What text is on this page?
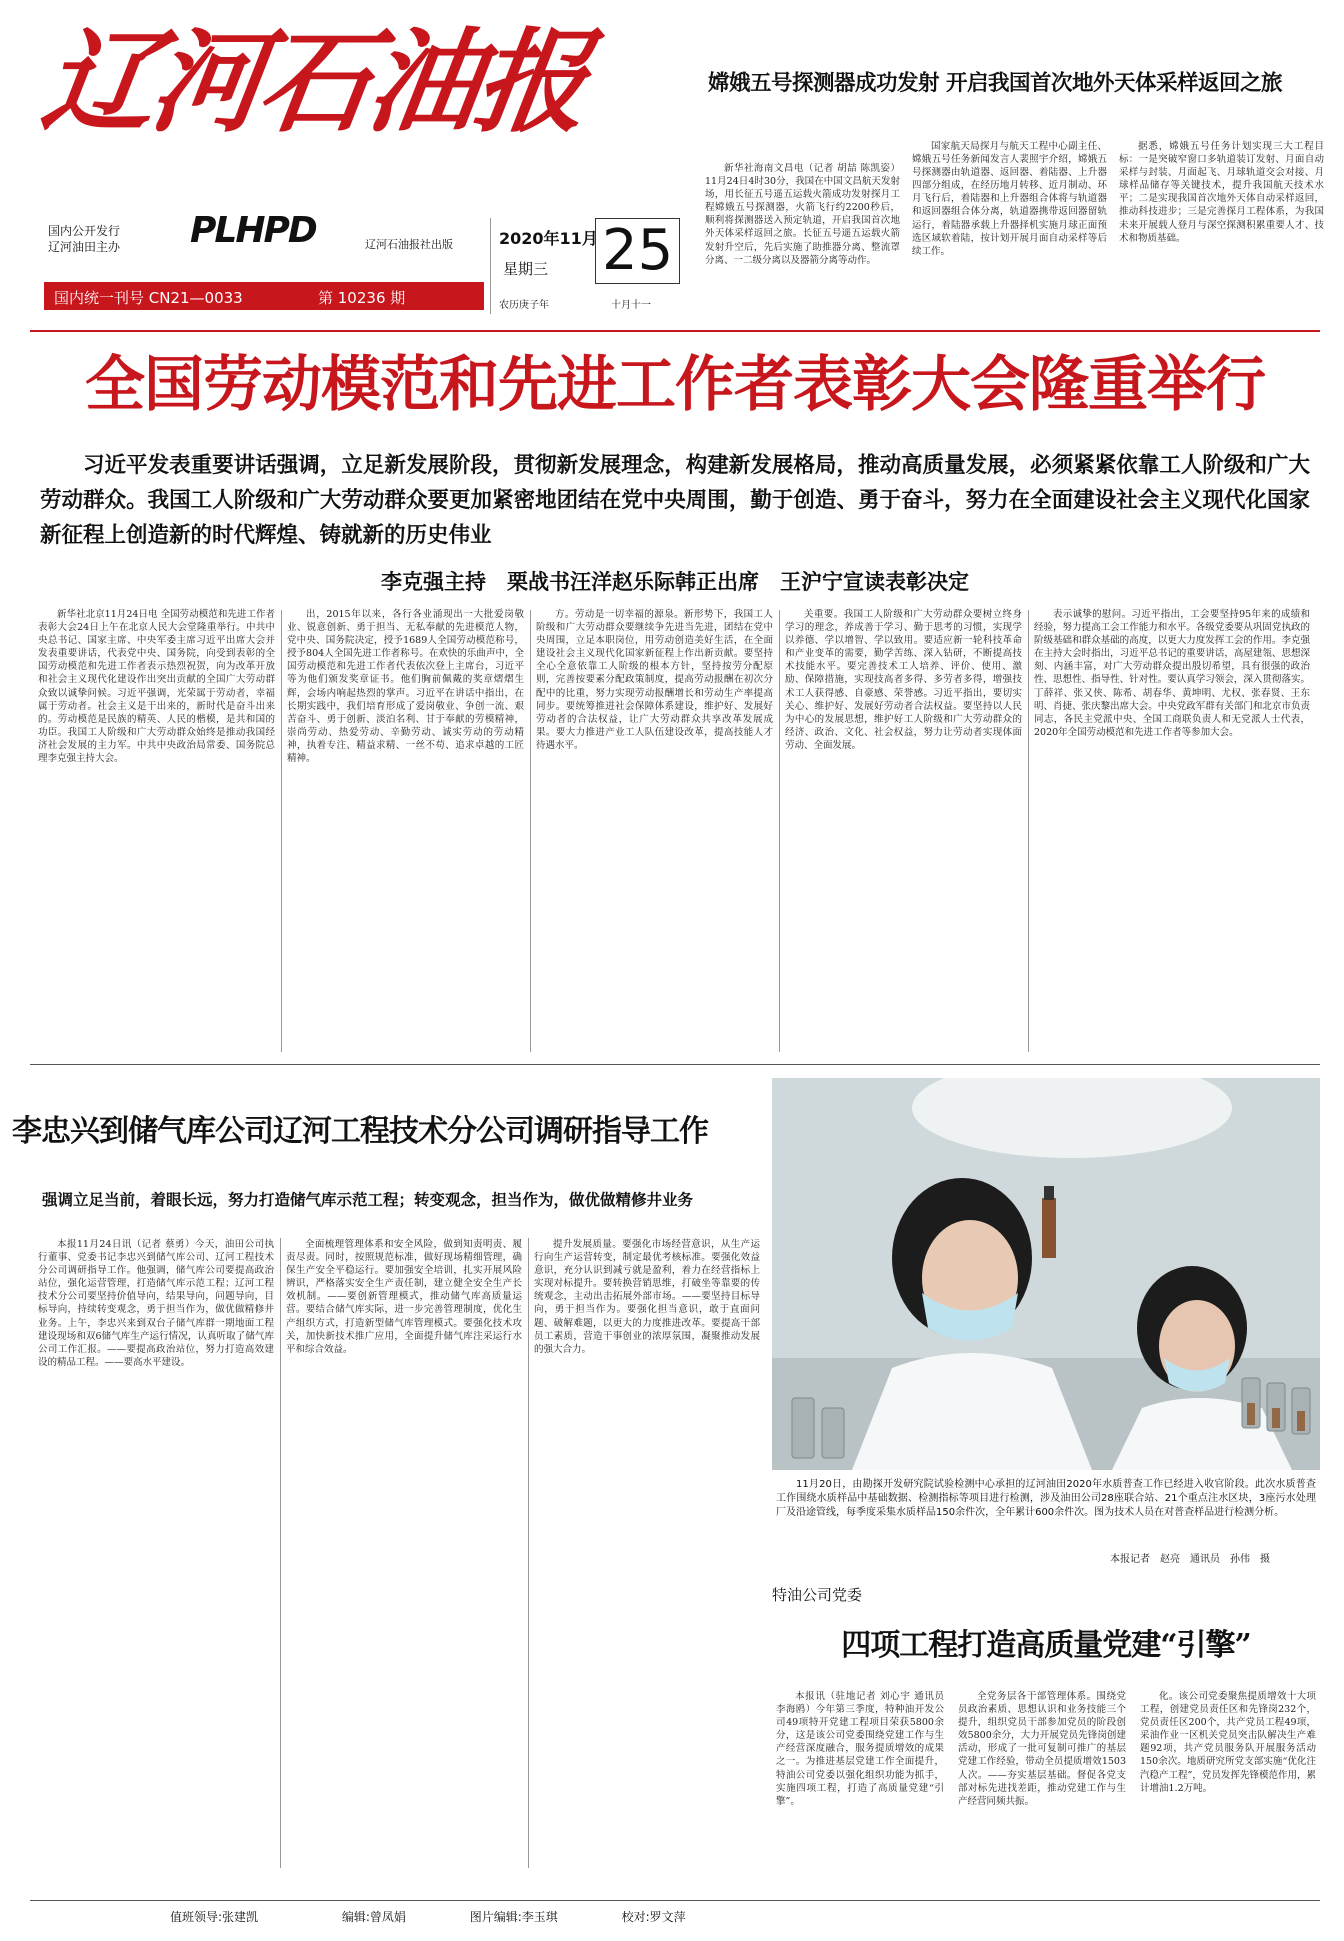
辽河石油报
国内公开发行
辽河油田主办 PLHPD	辽河石油报社出版
国内统一刊号 CN21—0033	第 10236 期
2020年11月
星期三 25
农历庚子年	十月十一
嫦娥五号探测器成功发射 开启我国首次地外天体采样返回之旅
新华社海南文昌电（记者 胡喆 陈凯姿）11月24日4时30分，我国在中国文昌航天发射场，用长征五号遥五运载火箭成功发射探月工程嫦娥五号探测器，火箭飞行约2200秒后，顺利将探测器送入预定轨道，开启我国首次地外天体采样返回之旅。长征五号遥五运载火箭发射升空后，先后实施了助推器分离、整流罩分离、一二级分离以及器箭分离等动作。
国家航天局探月与航天工程中心副主任、嫦娥五号任务新闻发言人裴照宇介绍，嫦娥五号探测器由轨道器、返回器、着陆器、上升器四部分组成，在经历地月转移、近月制动、环月飞行后，着陆器和上升器组合体将与轨道器和返回器组合体分离，轨道器携带返回器留轨运行，着陆器承载上升器择机实施月球正面预选区域软着陆，按计划开展月面自动采样等后续工作。
据悉，嫦娥五号任务计划实现三大工程目标：一是突破窄窗口多轨道装订发射、月面自动采样与封装、月面起飞、月球轨道交会对接、月球样品储存等关键技术，提升我国航天技术水平；二是实现我国首次地外天体自动采样返回，推动科技进步；三是完善探月工程体系，为我国未来开展载人登月与深空探测积累重要人才、技术和物质基础。
全国劳动模范和先进工作者表彰大会隆重举行
习近平发表重要讲话强调，立足新发展阶段，贯彻新发展理念，构建新发展格局，推动高质量发展，必须紧紧依靠工人阶级和广大劳动群众。我国工人阶级和广大劳动群众要更加紧密地团结在党中央周围，勤于创造、勇于奋斗，努力在全面建设社会主义现代化国家新征程上创造新的时代辉煌、铸就新的历史伟业
李克强主持　栗战书汪洋赵乐际韩正出席　王沪宁宣读表彰决定
新华社北京11月24日电 全国劳动模范和先进工作者表彰大会24日上午在北京人民大会堂隆重举行。中共中央总书记、国家主席、中央军委主席习近平出席大会并发表重要讲话，代表党中央、国务院，向受到表彰的全国劳动模范和先进工作者表示热烈祝贺，向为改革开放和社会主义现代化建设作出突出贡献的全国广大劳动群众致以诚挚问候。习近平强调，光荣属于劳动者，幸福属于劳动者。社会主义是干出来的，新时代是奋斗出来的。劳动模范是民族的精英、人民的楷模，是共和国的功臣。我国工人阶级和广大劳动群众始终是推动我国经济社会发展的主力军。中共中央政治局常委、国务院总理李克强主持大会。
出，2015年以来，各行各业涌现出一大批爱岗敬业、锐意创新、勇于担当、无私奉献的先进模范人物，党中央、国务院决定，授予1689人全国劳动模范称号，授予804人全国先进工作者称号。在欢快的乐曲声中，全国劳动模范和先进工作者代表依次登上主席台，习近平等为他们颁发奖章证书。他们胸前佩戴的奖章熠熠生辉，会场内响起热烈的掌声。习近平在讲话中指出，在长期实践中，我们培育形成了爱岗敬业、争创一流、艰苦奋斗、勇于创新、淡泊名利、甘于奉献的劳模精神，崇尚劳动、热爱劳动、辛勤劳动、诚实劳动的劳动精神，执着专注、精益求精、一丝不苟、追求卓越的工匠精神。
方。劳动是一切幸福的源泉。新形势下，我国工人阶级和广大劳动群众要继续争先进当先进，团结在党中央周围，立足本职岗位，用劳动创造美好生活，在全面建设社会主义现代化国家新征程上作出新贡献。要坚持全心全意依靠工人阶级的根本方针，坚持按劳分配原则，完善按要素分配政策制度，提高劳动报酬在初次分配中的比重，努力实现劳动报酬增长和劳动生产率提高同步。要统筹推进社会保障体系建设，维护好、发展好劳动者的合法权益，让广大劳动群众共享改革发展成果。要大力推进产业工人队伍建设改革，提高技能人才待遇水平。
关重要。我国工人阶级和广大劳动群众要树立终身学习的理念，养成善于学习、勤于思考的习惯，实现学以养德、学以增智、学以致用。要适应新一轮科技革命和产业变革的需要，勤学苦练、深入钻研，不断提高技术技能水平。要完善技术工人培养、评价、使用、激励、保障措施，实现技高者多得、多劳者多得，增强技术工人获得感、自豪感、荣誉感。习近平指出，要切实关心、维护好、发展好劳动者合法权益。要坚持以人民为中心的发展思想，维护好工人阶级和广大劳动群众的经济、政治、文化、社会权益，努力让劳动者实现体面劳动、全面发展。
表示诚挚的慰问。习近平指出，工会要坚持95年来的成绩和经验，努力提高工会工作能力和水平。各级党委要从巩固党执政的阶级基础和群众基础的高度，以更大力度发挥工会的作用。李克强在主持大会时指出，习近平总书记的重要讲话，高屋建瓴、思想深刻、内涵丰富，对广大劳动群众提出殷切希望，具有很强的政治性、思想性、指导性、针对性。要认真学习领会，深入贯彻落实。丁薛祥、张又侠、陈希、胡春华、黄坤明、尤权、张春贤、王东明、肖捷、张庆黎出席大会。中央党政军群有关部门和北京市负责同志，各民主党派中央、全国工商联负责人和无党派人士代表，2020年全国劳动模范和先进工作者等参加大会。
李忠兴到储气库公司辽河工程技术分公司调研指导工作
强调立足当前，着眼长远，努力打造储气库示范工程；转变观念，担当作为，做优做精修井业务
本报11月24日讯（记者 蔡勇）今天，油田公司执行董事、党委书记李忠兴到储气库公司、辽河工程技术分公司调研指导工作。他强调，储气库公司要提高政治站位，强化运营管理，打造储气库示范工程；辽河工程技术分公司要坚持价值导向，结果导向，问题导向，目标导向，持续转变观念，勇于担当作为，做优做精修井业务。上午，李忠兴来到双台子储气库群一期地面工程建设现场和双6储气库生产运行情况，认真听取了储气库公司工作汇报。——要提高政治站位，努力打造高效建设的精品工程。——要高水平建设。
全面梳理管理体系和安全风险，做到知责明责、履责尽责。同时，按照规范标准，做好现场精细管理，确保生产安全平稳运行。要加强安全培训，扎实开展风险辨识，严格落实安全生产责任制，建立健全安全生产长效机制。——要创新管理模式，推动储气库高质量运营。要结合储气库实际，进一步完善管理制度，优化生产组织方式，打造新型储气库管理模式。要强化技术攻关，加快新技术推广应用，全面提升储气库注采运行水平和综合效益。
提升发展质量。要强化市场经营意识，从生产运行向生产运营转变，制定最优考核标准。要强化效益意识，充分认识到减亏就是盈利，着力在经营指标上实现对标提升。要转换营销思维，打破坐等靠要的传统观念，主动出击拓展外部市场。——要坚持目标导向，勇于担当作为。要强化担当意识，敢于直面问题、破解难题，以更大的力度推进改革。要提高干部员工素质，营造干事创业的浓厚氛围，凝聚推动发展的强大合力。
11月20日，由勘探开发研究院试验检测中心承担的辽河油田2020年水质普查工作已经进入收官阶段。此次水质普查工作围绕水质样品中基础数据、检测指标等项目进行检测，涉及油田公司28座联合站、21个重点注水区块，3座污水处理厂及沿途管线，每季度采集水质样品150余件次，全年累计600余件次。图为技术人员在对普查样品进行检测分析。
本报记者　赵亮　通讯员　孙伟　摄
特油公司党委
四项工程打造高质量党建“引擎”
本报讯（驻地记者 刘心宇 通讯员 李海鸥）今年第三季度，特种油开发公司49项特开党建工程项目荣获5800余分，这是该公司党委围绕党建工作与生产经营深度融合，服务提质增效的成果之一。为推进基层党建工作全面提升，特油公司党委以强化组织功能为抓手，实施四项工程，打造了高质量党建“引擎”。
全党务层各干部管理体系。围绕党员政治素质、思想认识和业务技能三个提升，组织党员干部参加党员的阶段创效5800余分，大力开展党员先锋岗创建活动，形成了一批可复制可推广的基层党建工作经验，带动全员提质增效1503人次。——夯实基层基础。督促各党支部对标先进找差距，推动党建工作与生产经营同频共振。
化。该公司党委聚焦提质增效十大项工程，创建党员责任区和先锋岗232个，党员责任区200个，共产党员工程49项，采油作业一区机关党员突击队解决生产难题92项，共产党员服务队开展服务活动150余次。地质研究所党支部实施“优化注汽稳产工程”，党员发挥先锋模范作用，累计增油1.2万吨。
值班领导:张建凯	编辑:曾凤娟	图片编辑:李玉琪	校对:罗文萍
